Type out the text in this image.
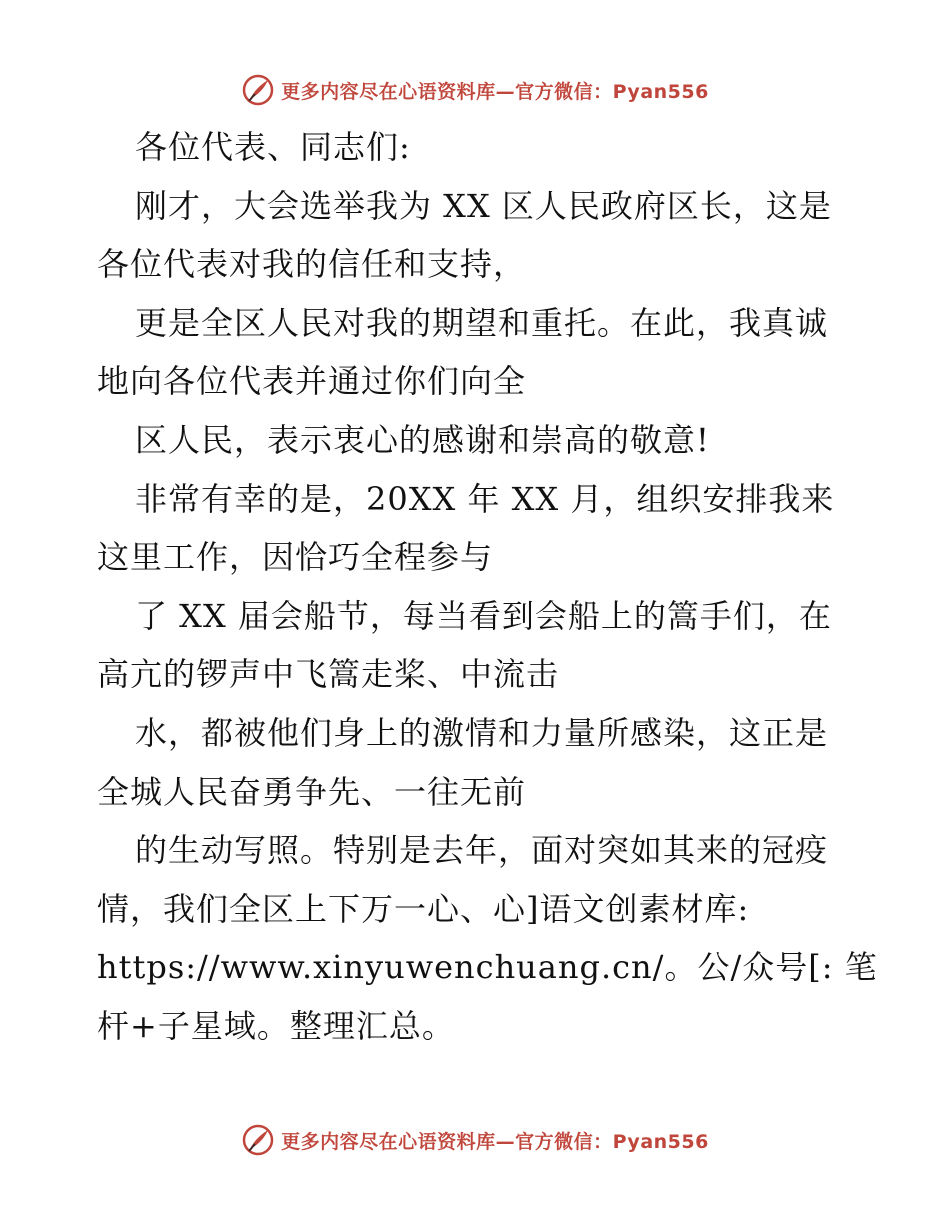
更多内容尽在心语资料库—官方微信：Pyan556
各位代表、同志们:
刚才，大会选举我为 XX 区人民政府区长，这是
各位代表对我的信任和支持，
更是全区人民对我的期望和重托。在此，我真诚
地向各位代表并通过你们向全
区人民，表示衷心的感谢和崇高的敬意!
非常有幸的是，20XX 年 XX 月，组织安排我来
这里工作，因恰巧全程参与
了 XX 届会船节，每当看到会船上的篙手们，在
高亢的锣声中飞篙走桨、中流击
水，都被他们身上的激情和力量所感染，这正是
全城人民奋勇争先、一往无前
的生动写照。特别是去年，面对突如其来的冠疫
情，我们全区上下万一心、心]语文创素材库:
https://www.xinyuwenchuang.cn/。公/众号[: 笔
杆+子星域。整理汇总。
更多内容尽在心语资料库—官方微信：Pyan556
